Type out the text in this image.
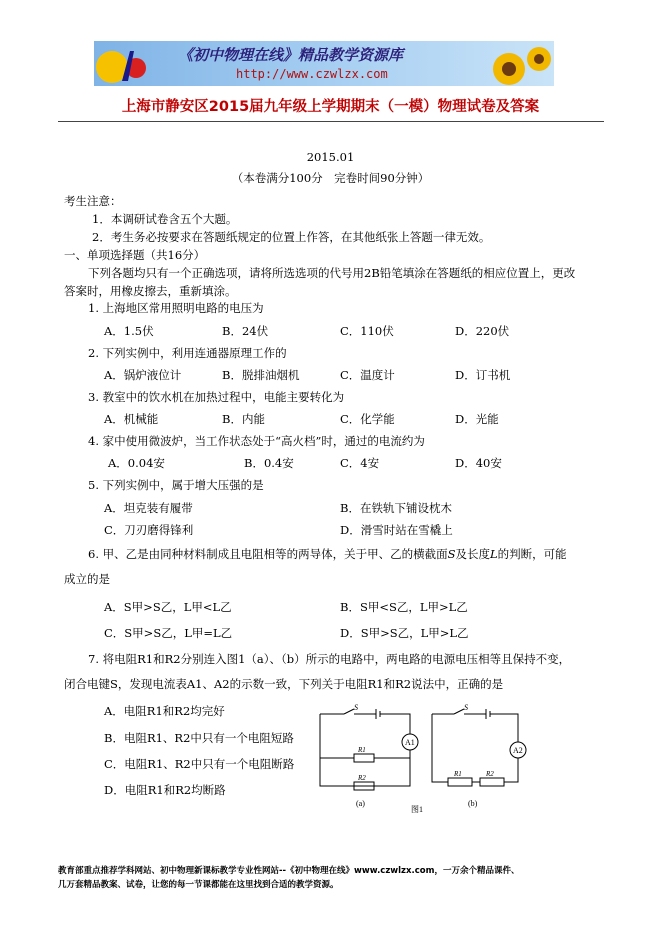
《初中物理在线》精品教学资源库
http://www.czwlzx.com
上海市静安区2015届九年级上学期期末（一模）物理试卷及答案
2015.01
（本卷满分100分　完卷时间90分钟）
考生注意：
1．本调研试卷含五个大题。
2．考生务必按要求在答题纸规定的位置上作答，在其他纸张上答题一律无效。
一、单项选择题（共16分）
下列各题均只有一个正确选项，请将所选选项的代号用2B铅笔填涂在答题纸的相应位置上，更改
答案时，用橡皮擦去，重新填涂。
1. 上海地区常用照明电路的电压为
A．1.5伏	B．24伏	C．110伏	D．220伏
2. 下列实例中，利用连通器原理工作的
A．锅炉液位计	B．脱排油烟机	C．温度计	D．订书机
3. 教室中的饮水机在加热过程中，电能主要转化为
A．机械能	B．内能	C．化学能	D．光能
4. 家中使用微波炉，当工作状态处于“高火档”时，通过的电流约为
A．0.04安	B．0.4安	C．4安	D．40安
5. 下列实例中，属于增大压强的是
A．坦克装有履带	B．在铁轨下铺设枕木
C．刀刃磨得锋利	D．滑雪时站在雪橇上
6. 甲、乙是由同种材料制成且电阻相等的两导体，关于甲、乙的横截面S及长度L的判断，可能
成立的是
A．S甲>S乙，L甲<L乙	B．S甲<S乙，L甲>L乙
C．S甲>S乙，L甲=L乙	D．S甲>S乙，L甲>L乙
7. 将电阻R1和R2分别连入图1（a）、（b）所示的电路中，两电路的电源电压相等且保持不变，
闭合电键S，发现电流表A1、A2的示数一致，下列关于电阻R1和R2说法中，正确的是
A．电阻R1和R2均完好
B．电阻R1、R2中只有一个电阻短路
C．电阻R1、R2中只有一个电阻断路
D．电阻R1和R2均断路
S
A1
R1
R2
(a)
S
A2
R1	R2
(b)
图1
教育部重点推荐学科网站、初中物理新课标教学专业性网站--《初中物理在线》www.czwlzx.com，一万余个精品课件、
几万套精品教案、试卷，让您的每一节课都能在这里找到合适的教学资源。
